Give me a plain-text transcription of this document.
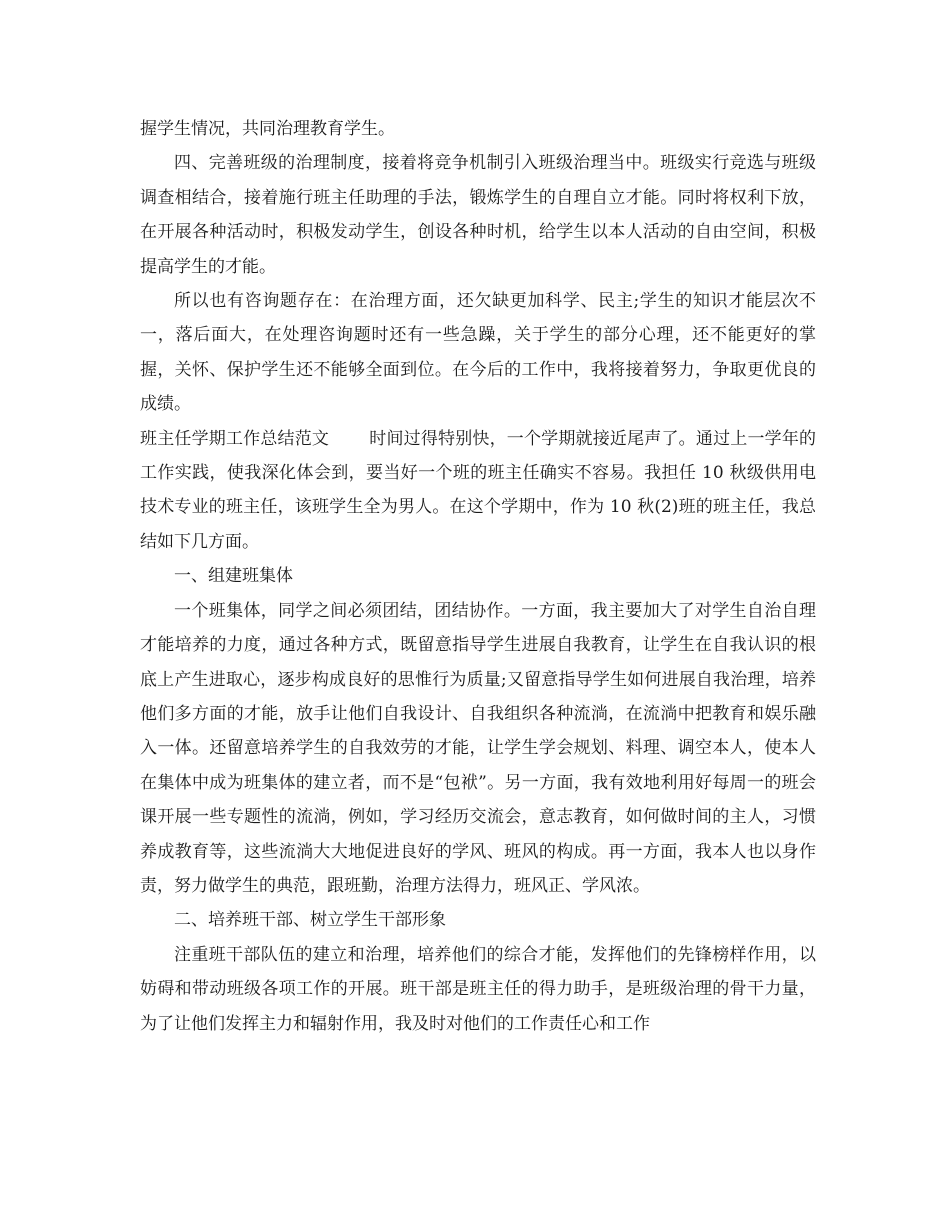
握学生情况，共同治理教育学生。

四、完善班级的治理制度，接着将竞争机制引入班级治理当中。班级实行竞选与班级调查相结合，接着施行班主任助理的手法，锻炼学生的自理自立才能。同时将权利下放，在开展各种活动时，积极发动学生，创设各种时机，给学生以本人活动的自由空间，积极提高学生的才能。

所以也有咨询题存在：在治理方面，还欠缺更加科学、民主;学生的知识才能层次不一，落后面大，在处理咨询题时还有一些急躁，关于学生的部分心理，还不能更好的掌握，关怀、保护学生还不能够全面到位。在今后的工作中，我将接着努力，争取更优良的成绩。

班主任学期工作总结范文 时间过得特别快，一个学期就接近尾声了。通过上一学年的工作实践，使我深化体会到，要当好一个班的班主任确实不容易。我担任 10 秋级供用电技术专业的班主任，该班学生全为男人。在这个学期中，作为 10 秋(2)班的班主任，我总结如下几方面。

一、组建班集体

一个班集体，同学之间必须团结，团结协作。一方面，我主要加大了对学生自治自理才能培养的力度，通过各种方式，既留意指导学生进展自我教育，让学生在自我认识的根底上产生进取心，逐步构成良好的思惟行为质量;又留意指导学生如何进展自我治理，培养他们多方面的才能，放手让他们自我设计、自我组织各种流淌，在流淌中把教育和娱乐融入一体。还留意培养学生的自我效劳的才能，让学生学会规划、料理、调空本人，使本人在集体中成为班集体的建立者，而不是“包袱”。另一方面，我有效地利用好每周一的班会课开展一些专题性的流淌，例如，学习经历交流会，意志教育，如何做时间的主人，习惯养成教育等，这些流淌大大地促进良好的学风、班风的构成。再一方面，我本人也以身作责，努力做学生的典范，跟班勤，治理方法得力，班风正、学风浓。

二、培养班干部、树立学生干部形象

注重班干部队伍的建立和治理，培养他们的综合才能，发挥他们的先锋榜样作用，以妨碍和带动班级各项工作的开展。班干部是班主任的得力助手，是班级治理的骨干力量，为了让他们发挥主力和辐射作用，我及时对他们的工作责任心和工作
